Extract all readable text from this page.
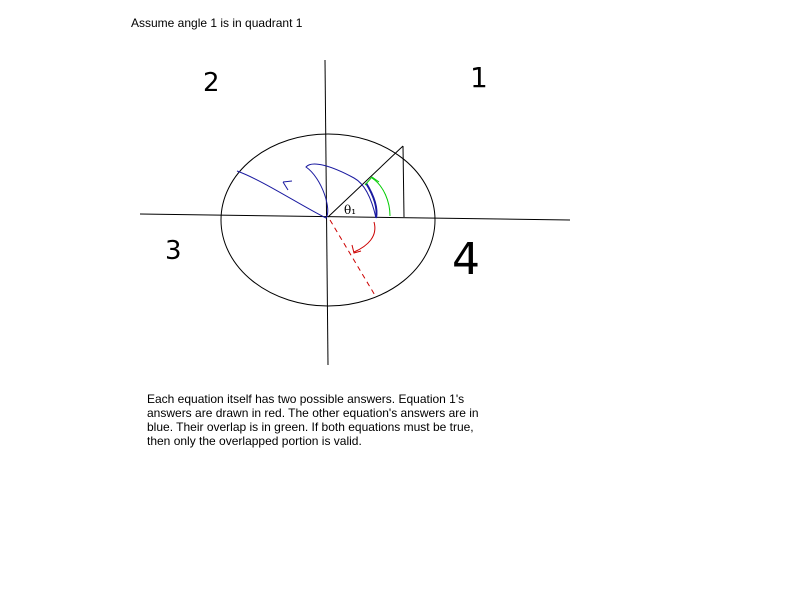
Assume angle 1 is in quadrant 1
1
2
3	4
θ₁
Each equation itself has two possible answers. Equation 1's answers are drawn in red. The other equation's answers are in blue. Their overlap is in green. If both equations must be true, then only the overlapped portion is valid.
